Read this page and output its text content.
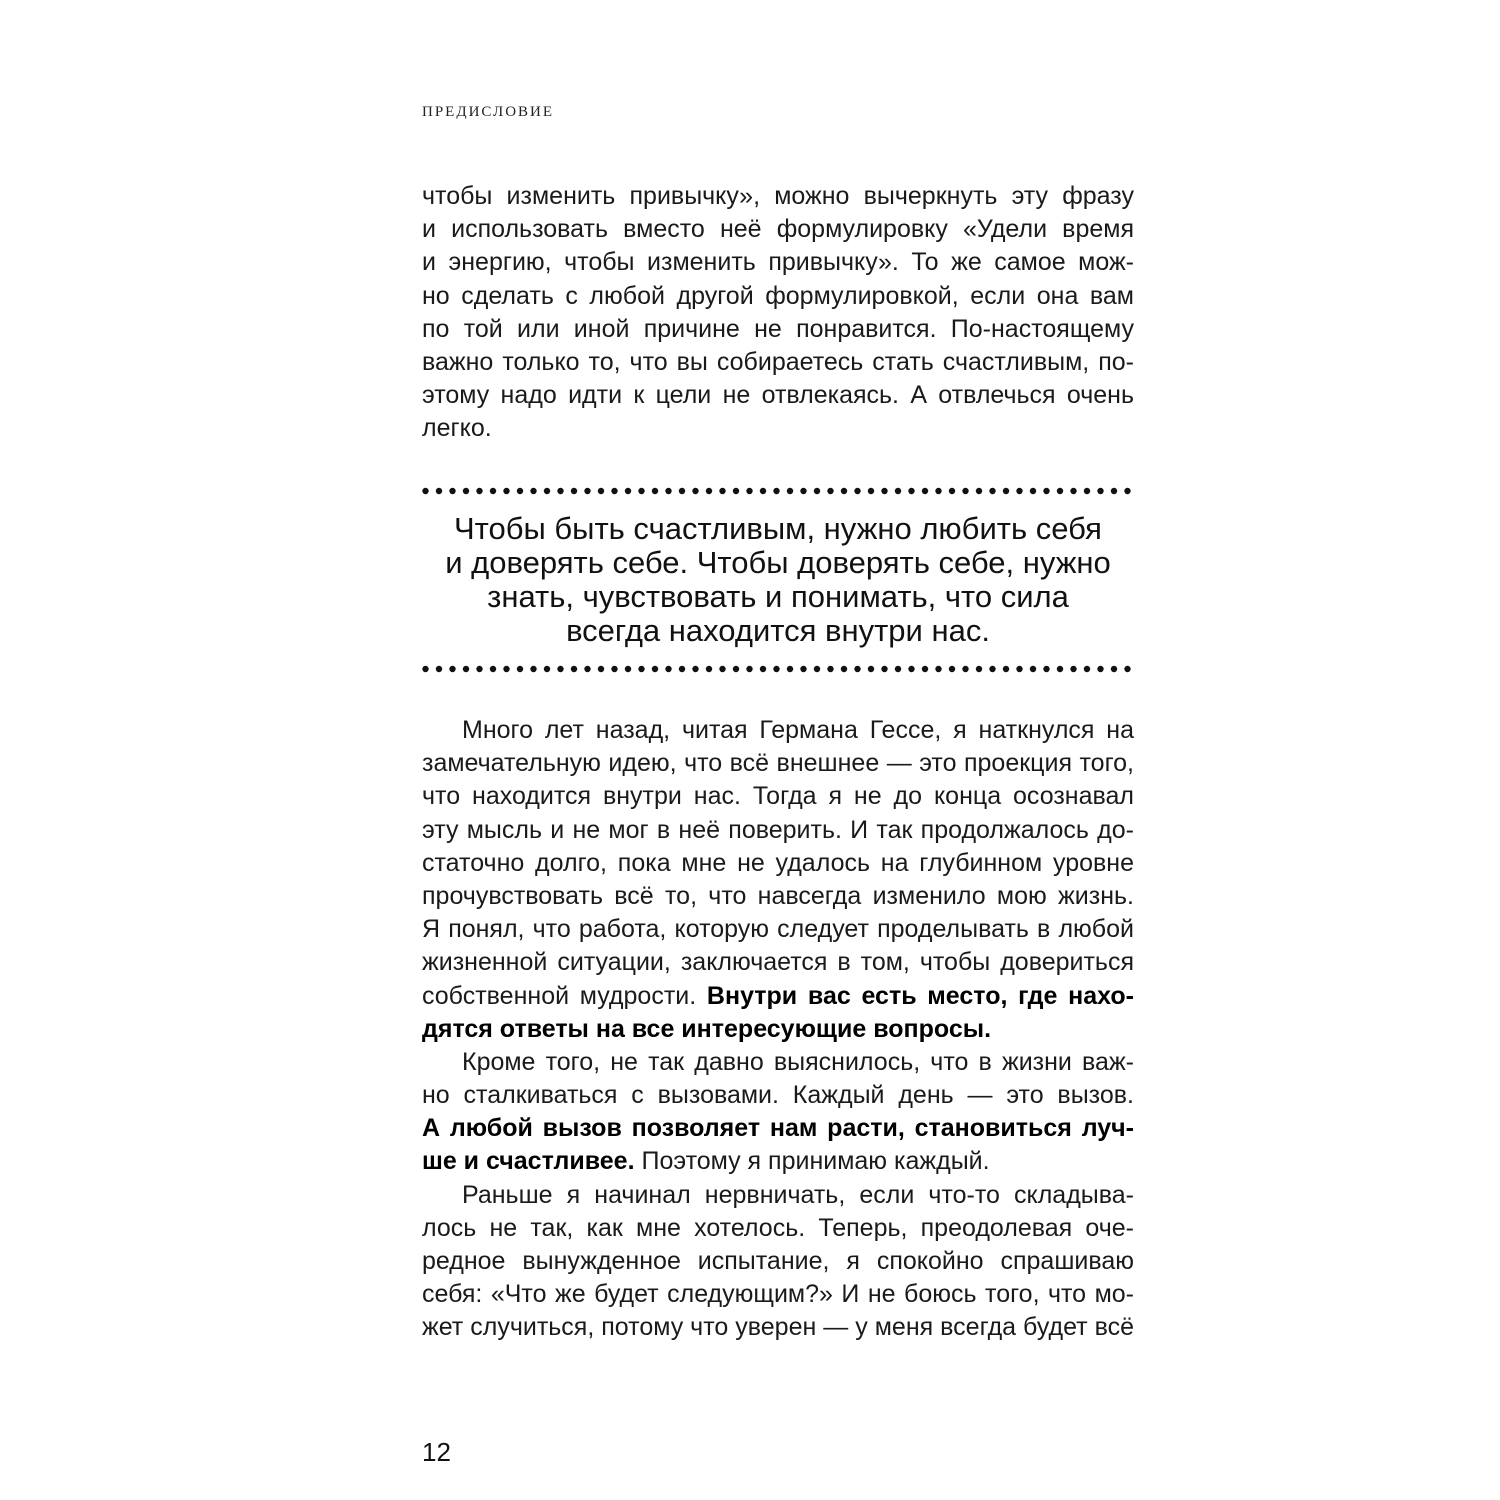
ПРЕДИСЛОВИЕ
чтобы изменить привычку», можно вычеркнуть эту фразу
и использовать вместо неё формулировку «Удели время
и энергию, чтобы изменить привычку». То же самое мож-
но сделать с любой другой формулировкой, если она вам
по той или иной причине не понравится. По-настоящему
важно только то, что вы собираетесь стать счастливым, по-
этому надо идти к цели не отвлекаясь. А отвлечься очень
легко.
Чтобы быть счастливым, нужно любить себя
и доверять себе. Чтобы доверять себе, нужно
знать, чувствовать и понимать, что сила
всегда находится внутри нас.
Много лет назад, читая Германа Гессе, я наткнулся на
замечательную идею, что всё внешнее — это проекция того,
что находится внутри нас. Тогда я не до конца осознавал
эту мысль и не мог в неё поверить. И так продолжалось до-
статочно долго, пока мне не удалось на глубинном уровне
прочувствовать всё то, что навсегда изменило мою жизнь.
Я понял, что работа, которую следует проделывать в любой
жизненной ситуации, заключается в том, чтобы довериться
собственной мудрости. Внутри вас есть место, где нахо-
дятся ответы на все интересующие вопросы.
Кроме того, не так давно выяснилось, что в жизни важ-
но сталкиваться с вызовами. Каждый день — это вызов.
А любой вызов позволяет нам расти, становиться луч-
ше и счастливее. Поэтому я принимаю каждый.
Раньше я начинал нервничать, если что-то складыва-
лось не так, как мне хотелось. Теперь, преодолевая оче-
редное вынужденное испытание, я спокойно спрашиваю
себя: «Что же будет следующим?» И не боюсь того, что мо-
жет случиться, потому что уверен — у меня всегда будет всё
12
